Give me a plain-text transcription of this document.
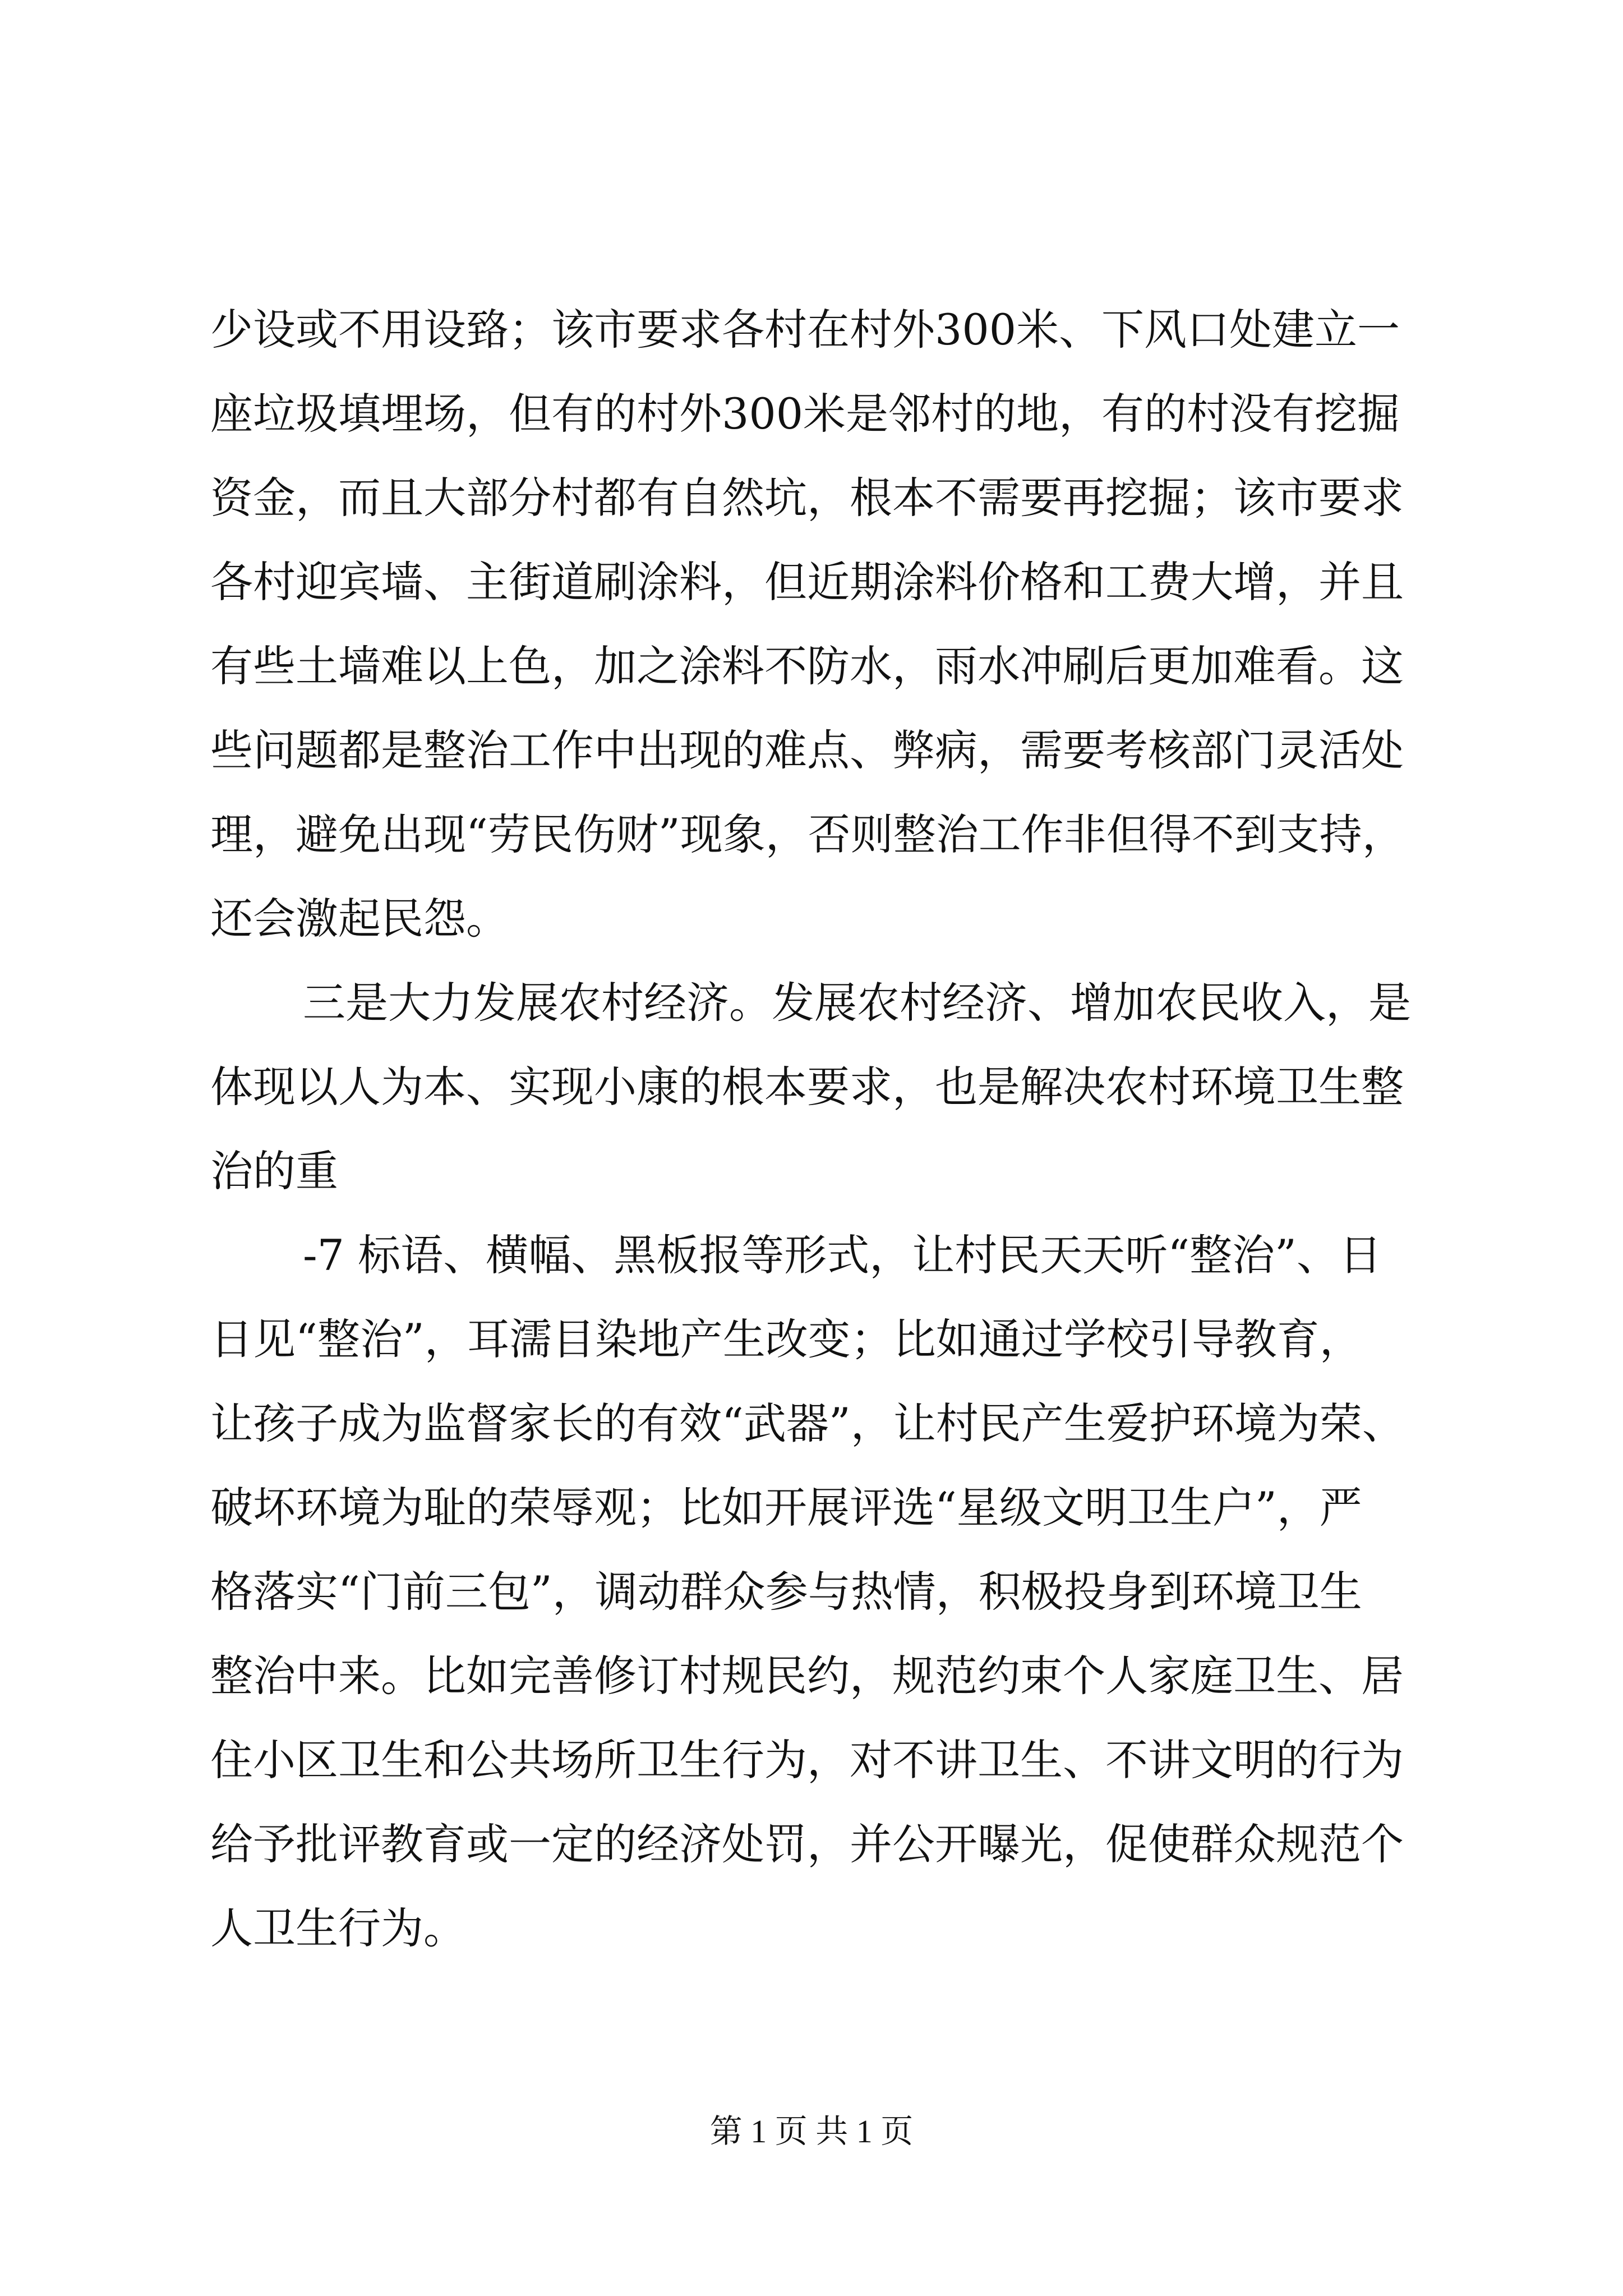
少设或不用设臵；该市要求各村在村外300米、下风口处建立一
座垃圾填埋场，但有的村外300米是邻村的地，有的村没有挖掘
资金，而且大部分村都有自然坑，根本不需要再挖掘；该市要求
各村迎宾墙、主街道刷涂料，但近期涂料价格和工费大增，并且
有些土墙难以上色，加之涂料不防水，雨水冲刷后更加难看。这
些问题都是整治工作中出现的难点、弊病，需要考核部门灵活处
理，避免出现“劳民伤财”现象，否则整治工作非但得不到支持，
还会激起民怨。
三是大力发展农村经济。发展农村经济、增加农民收入，是
体现以人为本、实现小康的根本要求，也是解决农村环境卫生整
治的重
-7 标语、横幅、黑板报等形式，让村民天天听“整治”、日
日见“整治”，耳濡目染地产生改变；比如通过学校引导教育，
让孩子成为监督家长的有效“武器”，让村民产生爱护环境为荣、
破坏环境为耻的荣辱观；比如开展评选“星级文明卫生户”，严
格落实“门前三包”，调动群众参与热情，积极投身到环境卫生
整治中来。比如完善修订村规民约，规范约束个人家庭卫生、居
住小区卫生和公共场所卫生行为，对不讲卫生、不讲文明的行为
给予批评教育或一定的经济处罚，并公开曝光，促使群众规范个
人卫生行为。
第 1 页 共 1 页
